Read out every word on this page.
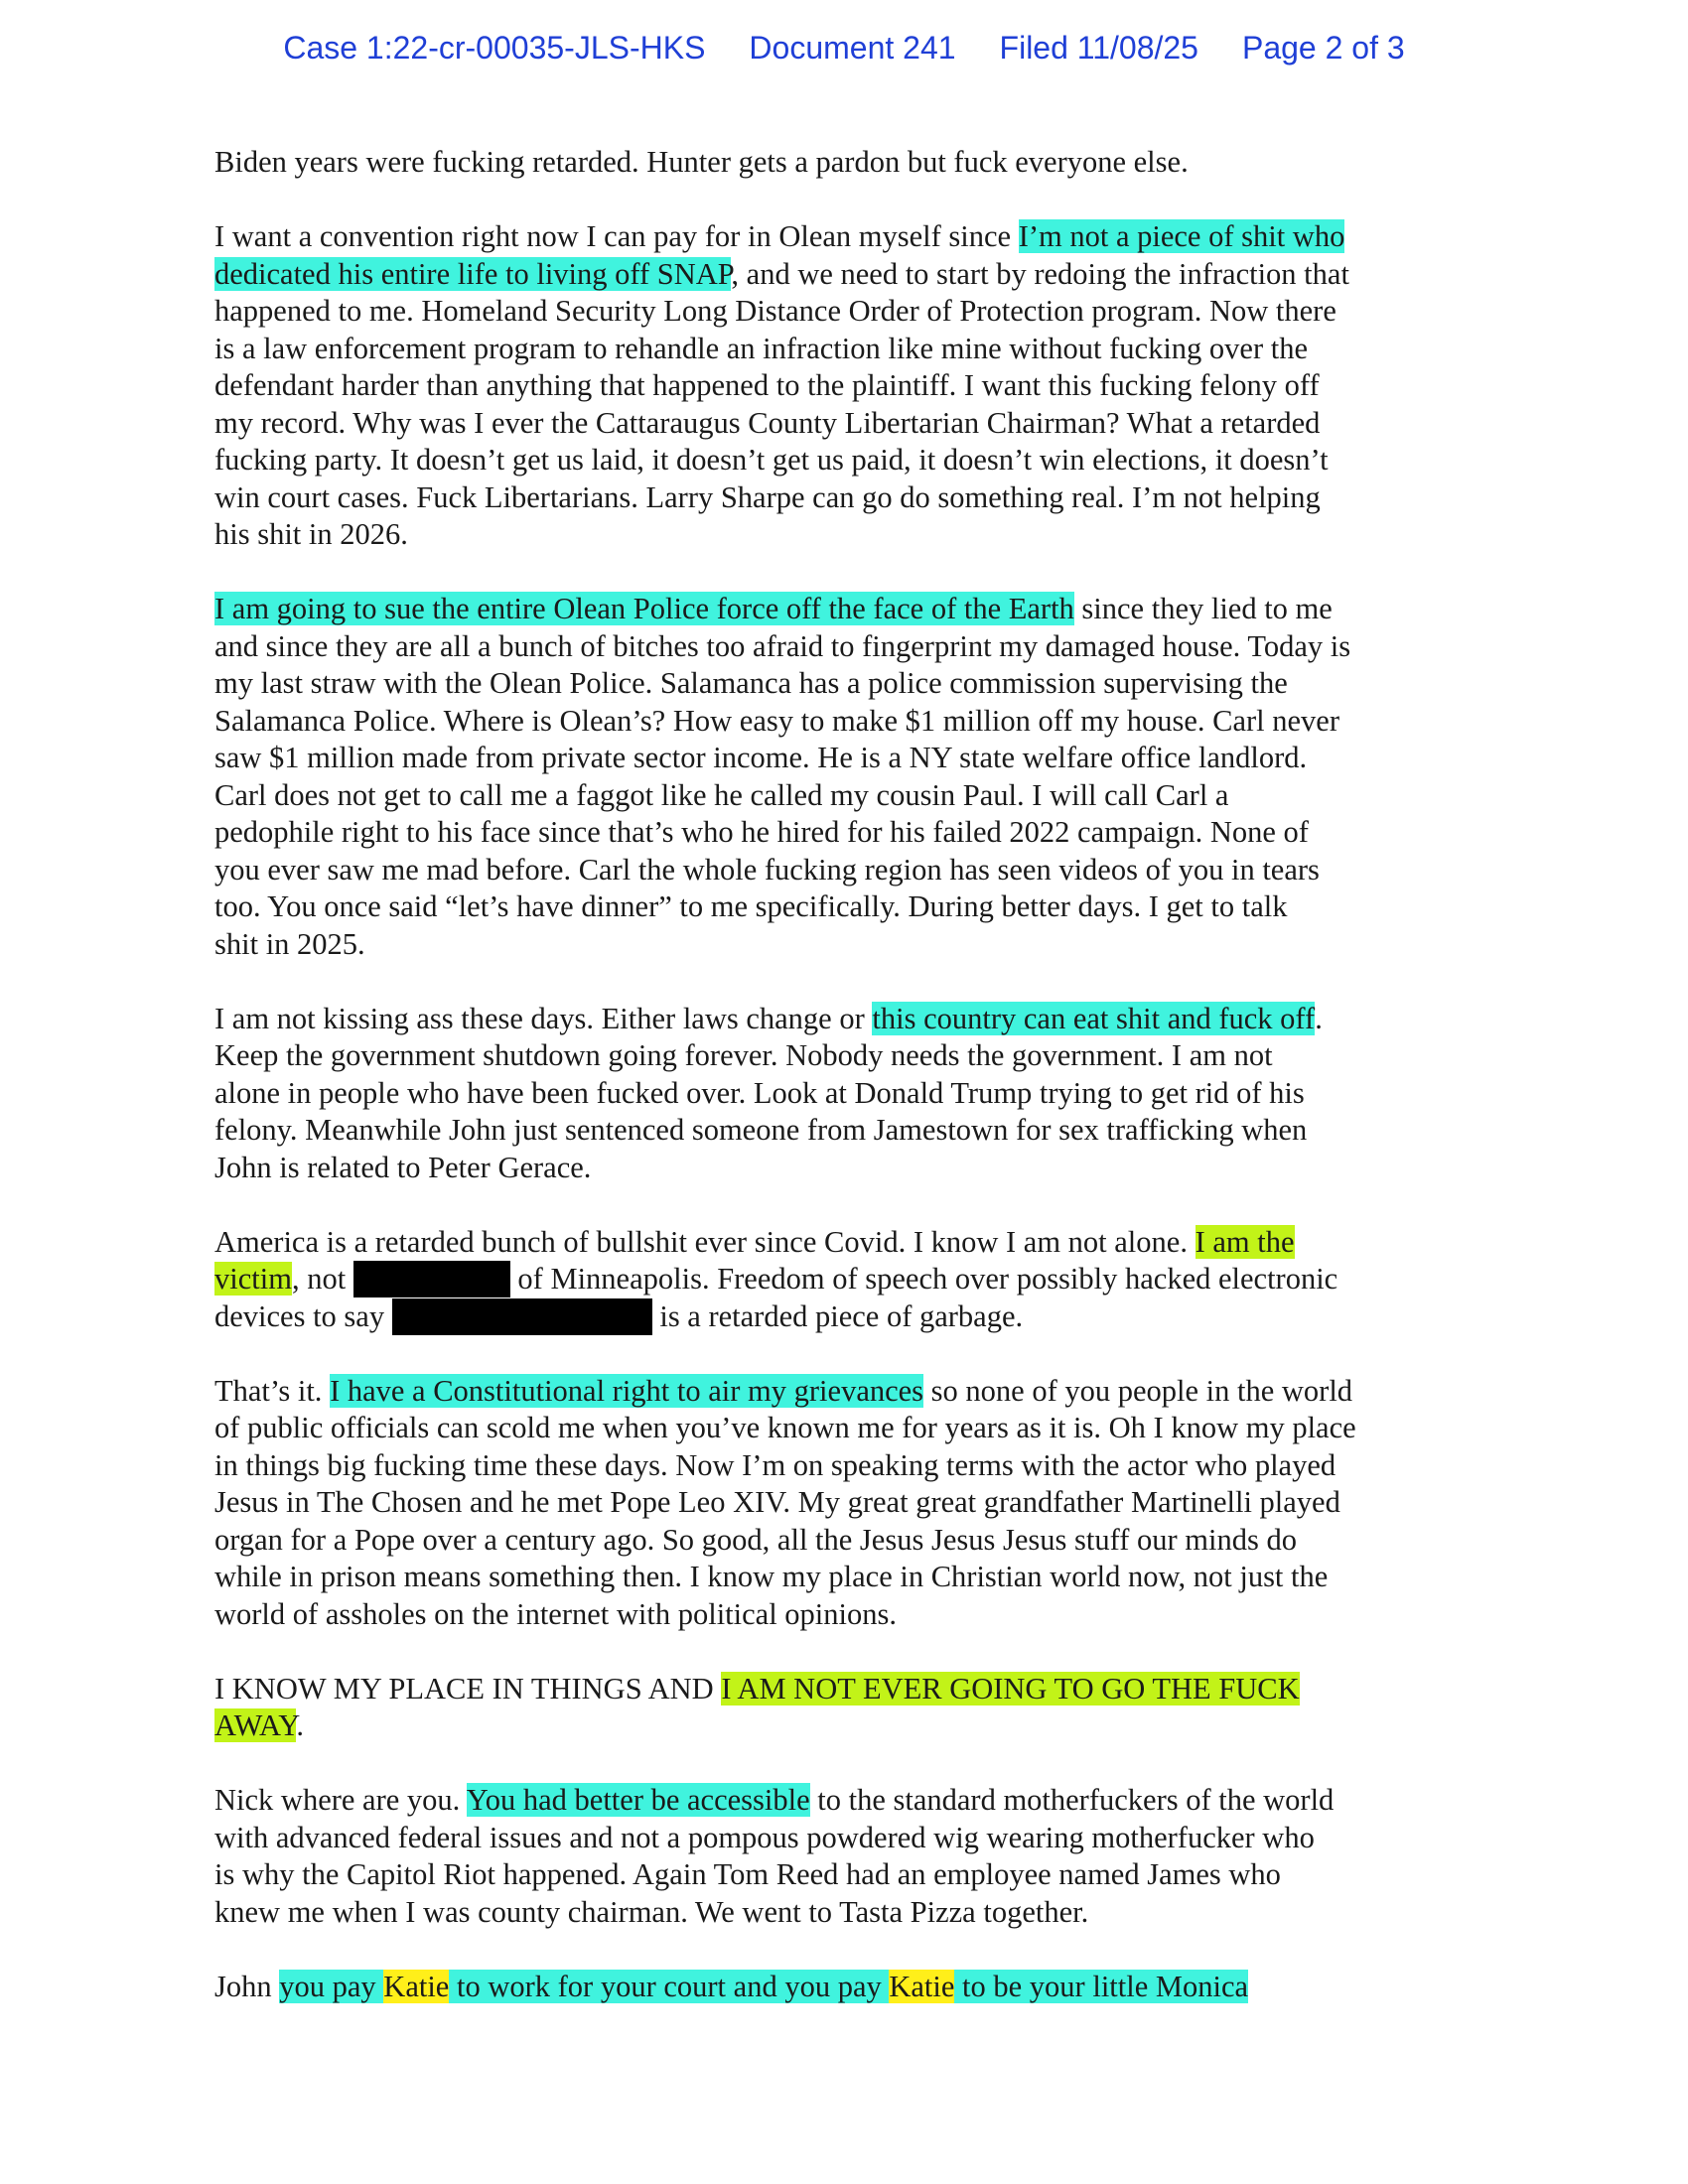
Case 1:22-cr-00035-JLS-HKS Document 241 Filed 11/08/25 Page 2 of 3
Biden years were fucking retarded. Hunter gets a pardon but fuck everyone else.
I want a convention right now I can pay for in Olean myself since I’m not a piece of shit who
dedicated his entire life to living off SNAP, and we need to start by redoing the infraction that
happened to me. Homeland Security Long Distance Order of Protection program. Now there
is a law enforcement program to rehandle an infraction like mine without fucking over the
defendant harder than anything that happened to the plaintiff. I want this fucking felony off
my record. Why was I ever the Cattaraugus County Libertarian Chairman? What a retarded
fucking party. It doesn’t get us laid, it doesn’t get us paid, it doesn’t win elections, it doesn’t
win court cases. Fuck Libertarians. Larry Sharpe can go do something real. I’m not helping
his shit in 2026.
I am going to sue the entire Olean Police force off the face of the Earth since they lied to me
and since they are all a bunch of bitches too afraid to fingerprint my damaged house. Today is
my last straw with the Olean Police. Salamanca has a police commission supervising the
Salamanca Police. Where is Olean’s? How easy to make $1 million off my house. Carl never
saw $1 million made from private sector income. He is a NY state welfare office landlord.
Carl does not get to call me a faggot like he called my cousin Paul. I will call Carl a
pedophile right to his face since that’s who he hired for his failed 2022 campaign. None of
you ever saw me mad before. Carl the whole fucking region has seen videos of you in tears
too. You once said “let’s have dinner” to me specifically. During better days. I get to talk
shit in 2025.
I am not kissing ass these days. Either laws change or this country can eat shit and fuck off.
Keep the government shutdown going forever. Nobody needs the government. I am not
alone in people who have been fucked over. Look at Donald Trump trying to get rid of his
felony. Meanwhile John just sentenced someone from Jamestown for sex trafficking when
John is related to Peter Gerace.
America is a retarded bunch of bullshit ever since Covid. I know I am not alone. I am the
victim, not	of Minneapolis. Freedom of speech over possibly hacked electronic
devices to say	is a retarded piece of garbage.
That’s it. I have a Constitutional right to air my grievances so none of you people in the world
of public officials can scold me when you’ve known me for years as it is. Oh I know my place
in things big fucking time these days. Now I’m on speaking terms with the actor who played
Jesus in The Chosen and he met Pope Leo XIV. My great great grandfather Martinelli played
organ for a Pope over a century ago. So good, all the Jesus Jesus Jesus stuff our minds do
while in prison means something then. I know my place in Christian world now, not just the
world of assholes on the internet with political opinions.
I KNOW MY PLACE IN THINGS AND I AM NOT EVER GOING TO GO THE FUCK
AWAY.
Nick where are you. You had better be accessible to the standard motherfuckers of the world
with advanced federal issues and not a pompous powdered wig wearing motherfucker who
is why the Capitol Riot happened. Again Tom Reed had an employee named James who
knew me when I was county chairman. We went to Tasta Pizza together.
John you pay Katie to work for your court and you pay Katie to be your little Monica
